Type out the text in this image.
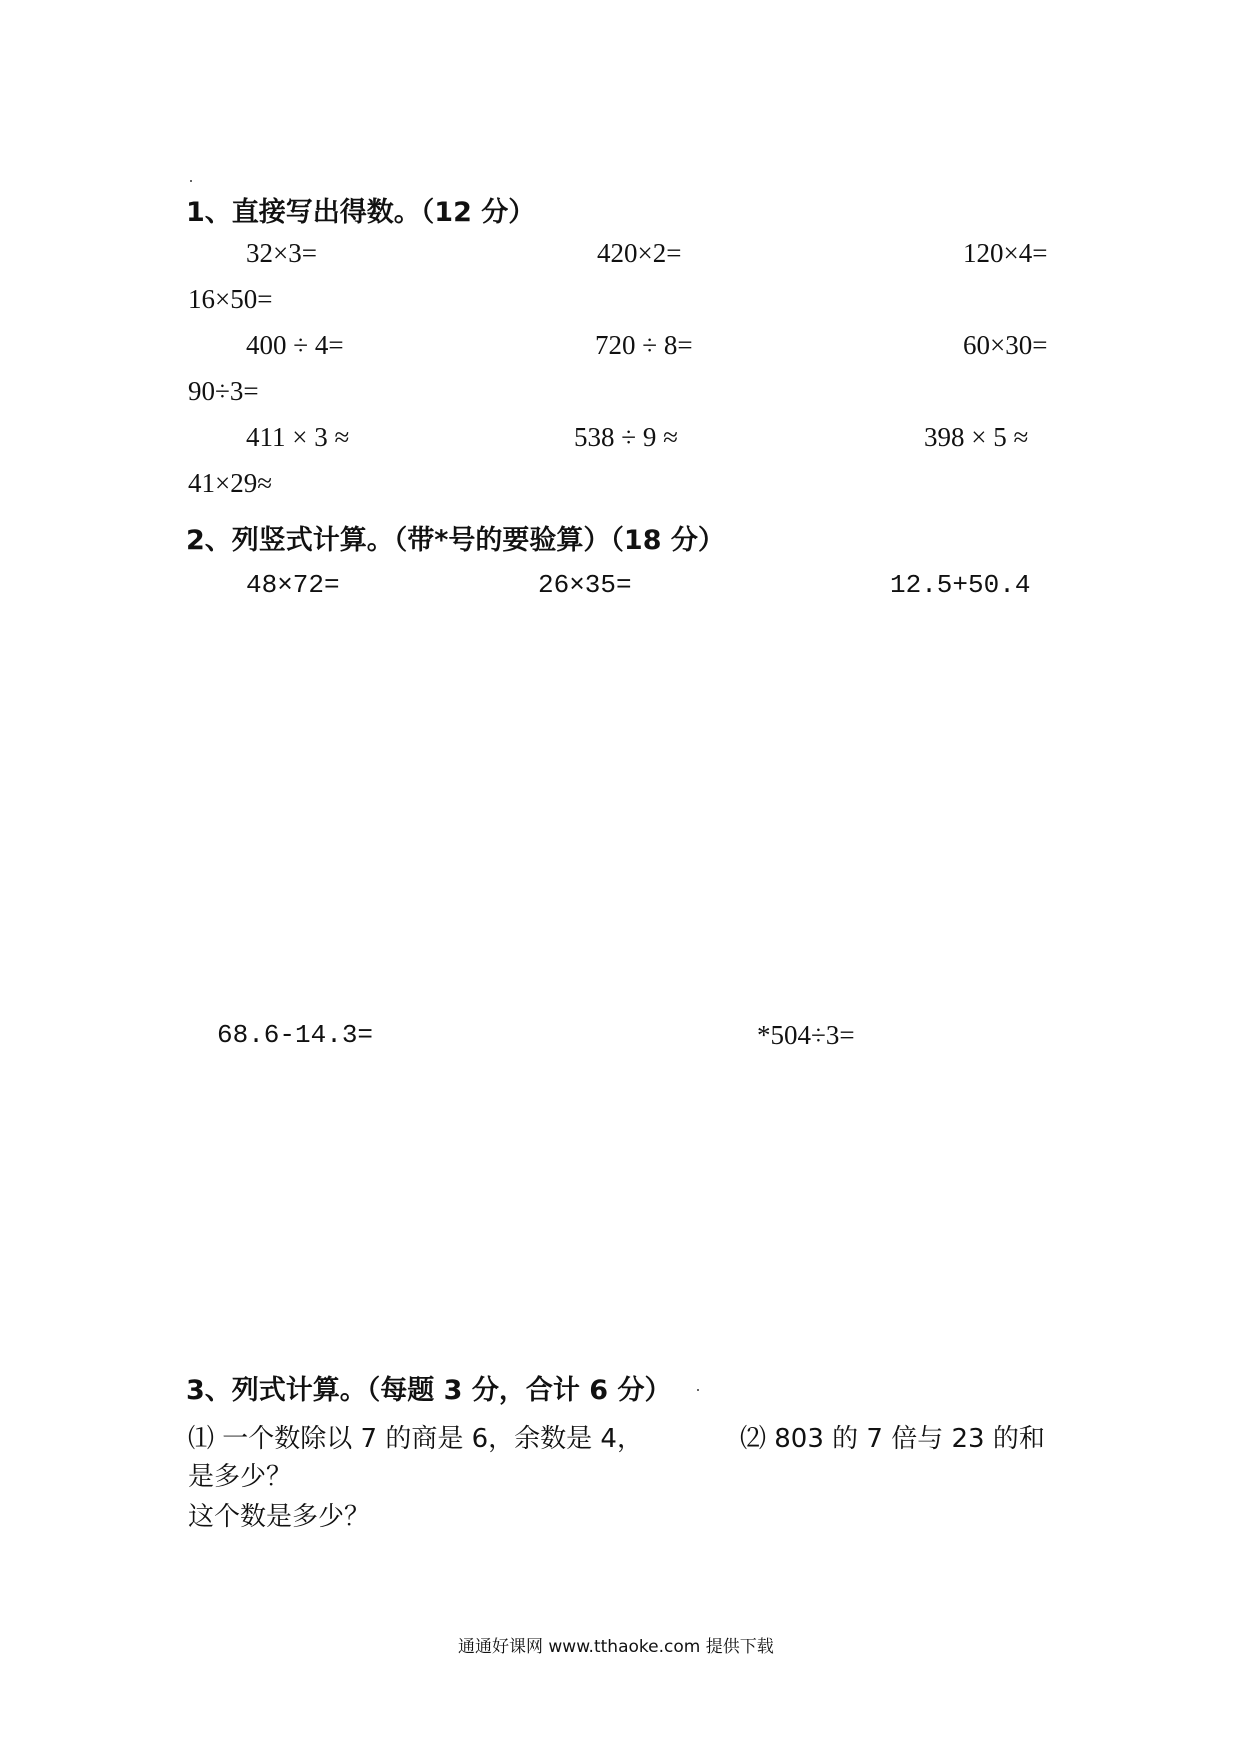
1、直接写出得数。（12 分）
32×3=	420×2=	120×4=
16×50=
400 ÷ 4=	720 ÷ 8=	60×30=
90÷3=
411 × 3 ≈	538 ÷ 9 ≈	398 × 5 ≈
41×29≈
2、列竖式计算。（带*号的要验算）（18 分）
48×72=	26×35=	12.5+50.4
68.6-14.3=	*504÷3=
3、列式计算。（每题 3 分，合计 6 分）
⑴ 一个数除以 7 的商是 6，余数是 4，	⑵ 803 的 7 倍与 23 的和
是多少？
这个数是多少？
通通好课网 www.tthaoke.com 提供下载
